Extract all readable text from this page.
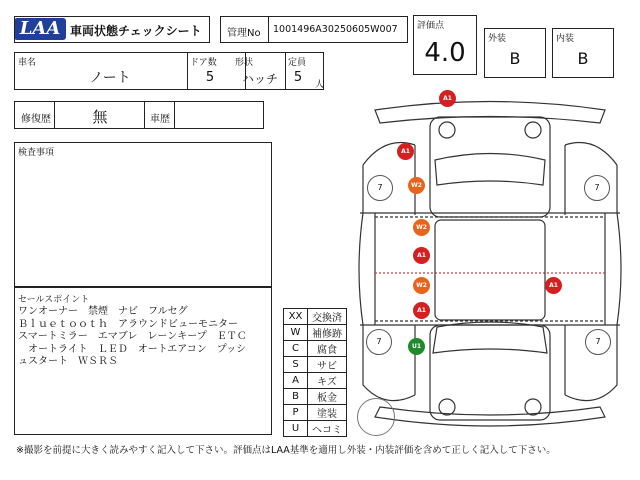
LAA 車両状態チェックシート	管理No 1001496A30250605W007 評価点
4.0	外装
B
内装
B
車名
ノート
ドア数
5
形状
ハッチ
定員
5	人
修復歴	無	車歴
検査事項
セールスポイント
ワンオーナー　禁煙　ナビ　フルセグ
Ｂｌｕｅｔｏｏｔｈ　アラウンドビューモニター
スマートミラー　エマブレ　レーンキープ　ＥＴＣ
　オートライト　ＬＥＤ　オートエアコン　プッシ
ュスタート　ＷＳＲＳ
XX	交換済
W	補修跡
C	腐食
S	サビ
A	キズ
B	板金
P	塗装
U	ヘコミ
7	7
7	7
A1
A1
W2
W2
A1
W2
A1
A1
U1
※撮影を前提に大きく読みやすく記入して下さい。評価点はLAA基準を適用し外装・内装評価を含めて正しく記入して下さい。
